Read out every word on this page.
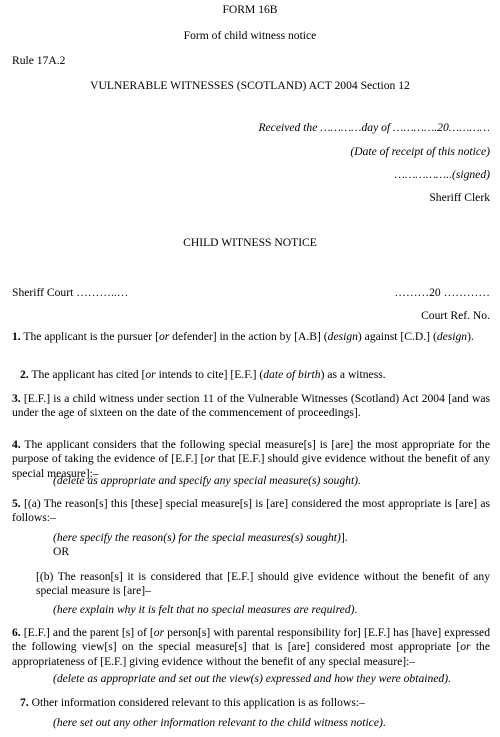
FORM 16B
Form of child witness notice
Rule 17A.2
VULNERABLE WITNESSES (SCOTLAND) ACT 2004 Section 12
Received the …………day of ………….20…………
(Date of receipt of this notice)
……………..(signed)
Sheriff Clerk
CHILD WITNESS NOTICE
Sheriff Court ………..…	………20 …………
Court Ref. No.
1. The applicant is the pursuer [or defender] in the action by [A.B] (design) against [C.D.] (design).
2. The applicant has cited [or intends to cite] [E.F.] (date of birth) as a witness.
3. [E.F.] is a child witness under section 11 of the Vulnerable Witnesses (Scotland) Act 2004 [and was under the age of sixteen on the date of the commencement of proceedings].
4. The applicant considers that the following special measure[s] is [are] the most appropriate for the purpose of taking the evidence of [E.F.] [or that [E.F.] should give evidence without the benefit of any special measure]:–
(delete as appropriate and specify any special measure(s) sought).
5. [(a) The reason[s] this [these] special measure[s] is [are] considered the most appropriate is [are] as follows:–
(here specify the reason(s) for the special measures(s) sought)].
OR
[(b) The reason[s] it is considered that [E.F.] should give evidence without the benefit of any special measure is [are]–
(here explain why it is felt that no special measures are required).
6. [E.F.] and the parent [s] of [or person[s] with parental responsibility for] [E.F.] has [have] expressed the following view[s] on the special measure[s] that is [are] considered most appropriate [or the appropriateness of [E.F.] giving evidence without the benefit of any special measure]:–
(delete as appropriate and set out the view(s) expressed and how they were obtained).
7. Other information considered relevant to this application is as follows:–
(here set out any other information relevant to the child witness notice).
